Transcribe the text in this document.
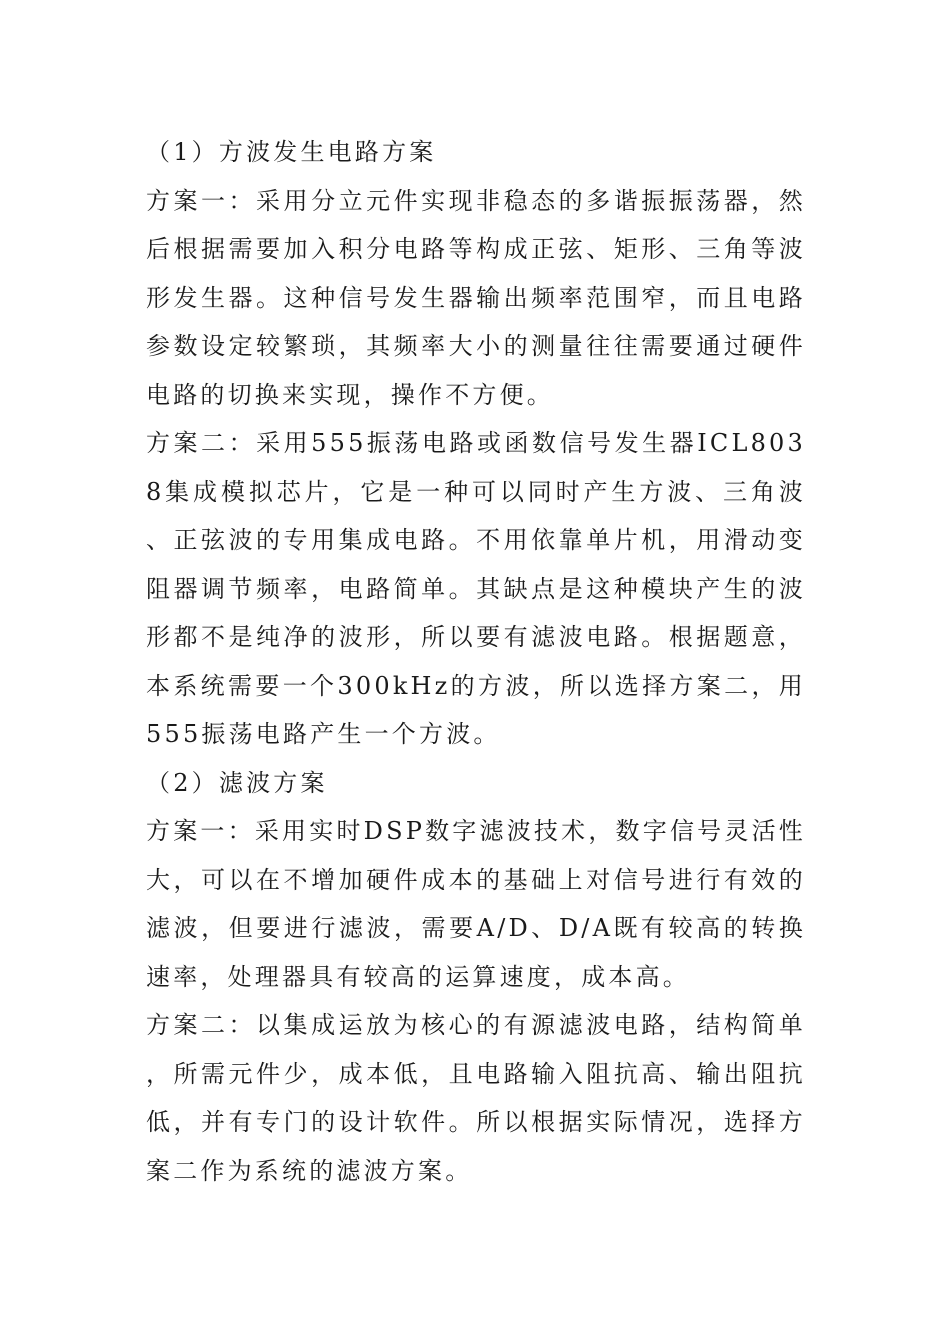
（1）方波发生电路方案

方案一：采用分立元件实现非稳态的多谐振振荡器，然后根据需要加入积分电路等构成正弦、矩形、三角等波形发生器。这种信号发生器输出频率范围窄，而且电路参数设定较繁琐，其频率大小的测量往往需要通过硬件电路的切换来实现，操作不方便。

方案二：采用555振荡电路或函数信号发生器ICL8038集成模拟芯片，它是一种可以同时产生方波、三角波、正弦波的专用集成电路。不用依靠单片机，用滑动变阻器调节频率，电路简单。其缺点是这种模块产生的波形都不是纯净的波形，所以要有滤波电路。根据题意，本系统需要一个300kHz的方波，所以选择方案二，用555振荡电路产生一个方波。

（2）滤波方案

方案一：采用实时DSP数字滤波技术，数字信号灵活性大，可以在不增加硬件成本的基础上对信号进行有效的滤波，但要进行滤波，需要A/D、D/A既有较高的转换速率，处理器具有较高的运算速度，成本高。

方案二：以集成运放为核心的有源滤波电路，结构简单，所需元件少，成本低，且电路输入阻抗高、输出阻抗低，并有专门的设计软件。所以根据实际情况，选择方案二作为系统的滤波方案。
